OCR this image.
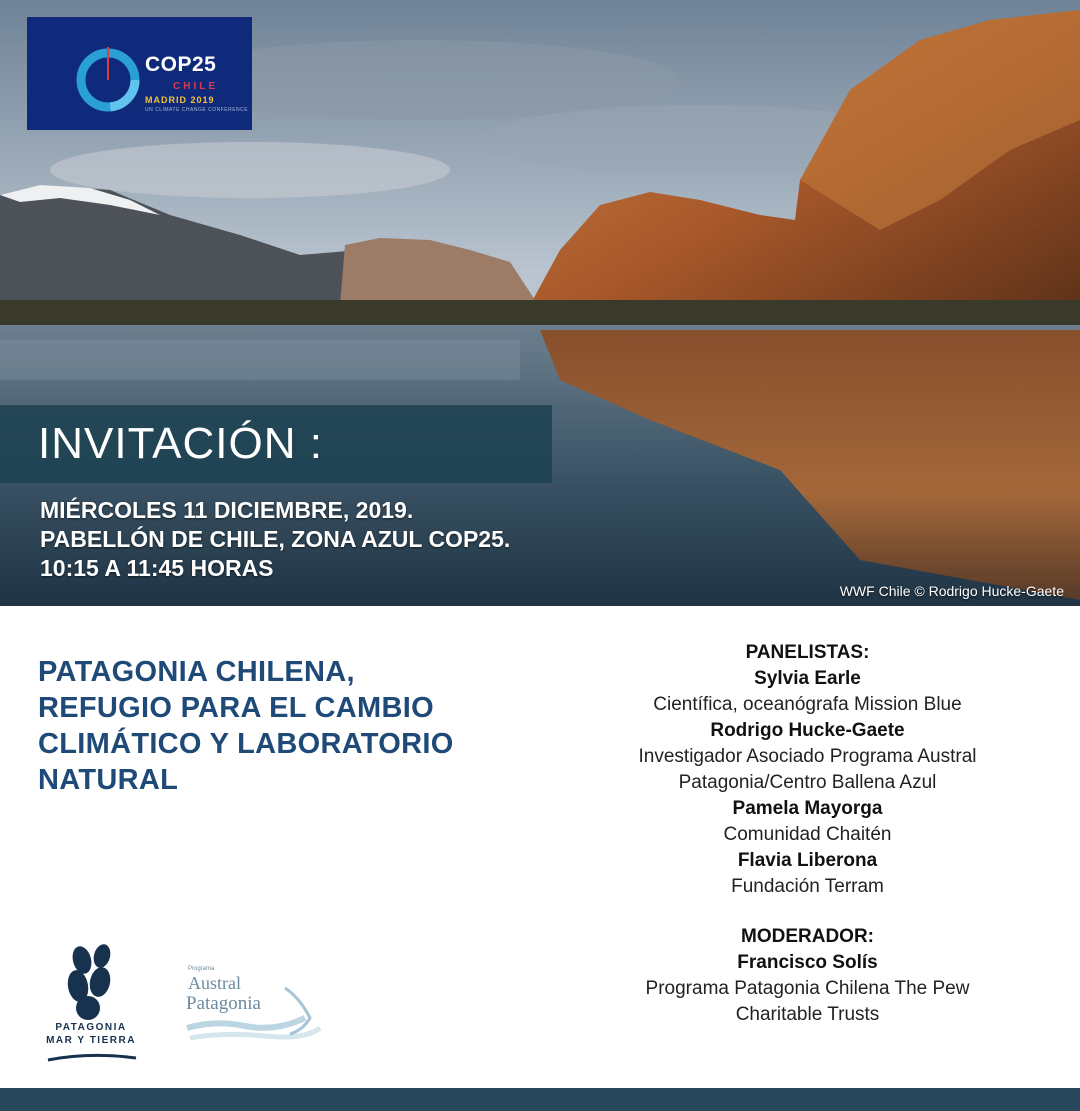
COP25
CHILE
MADRID 2019
UN CLIMATE CHANGE CONFERENCE
INVITACIÓN :
MIÉRCOLES 11 DICIEMBRE, 2019.
PABELLÓN DE CHILE, ZONA AZUL COP25.
10:15 A 11:45 HORAS
WWF Chile © Rodrigo Hucke-Gaete
PATAGONIA CHILENA,
REFUGIO PARA EL CAMBIO
CLIMÁTICO Y LABORATORIO
NATURAL
PANELISTAS:
Sylvia Earle
Científica, oceanógrafa Mission Blue
Rodrigo Hucke-Gaete
Investigador Asociado Programa Austral
Patagonia/Centro Ballena Azul
Pamela Mayorga
Comunidad Chaitén
Flavia Liberona
Fundación Terram
MODERADOR:
Francisco Solís
Programa Patagonia Chilena The Pew
Charitable Trusts
PATAGONIA
MAR Y TIERRA
Programa
Austral
Patagonia
